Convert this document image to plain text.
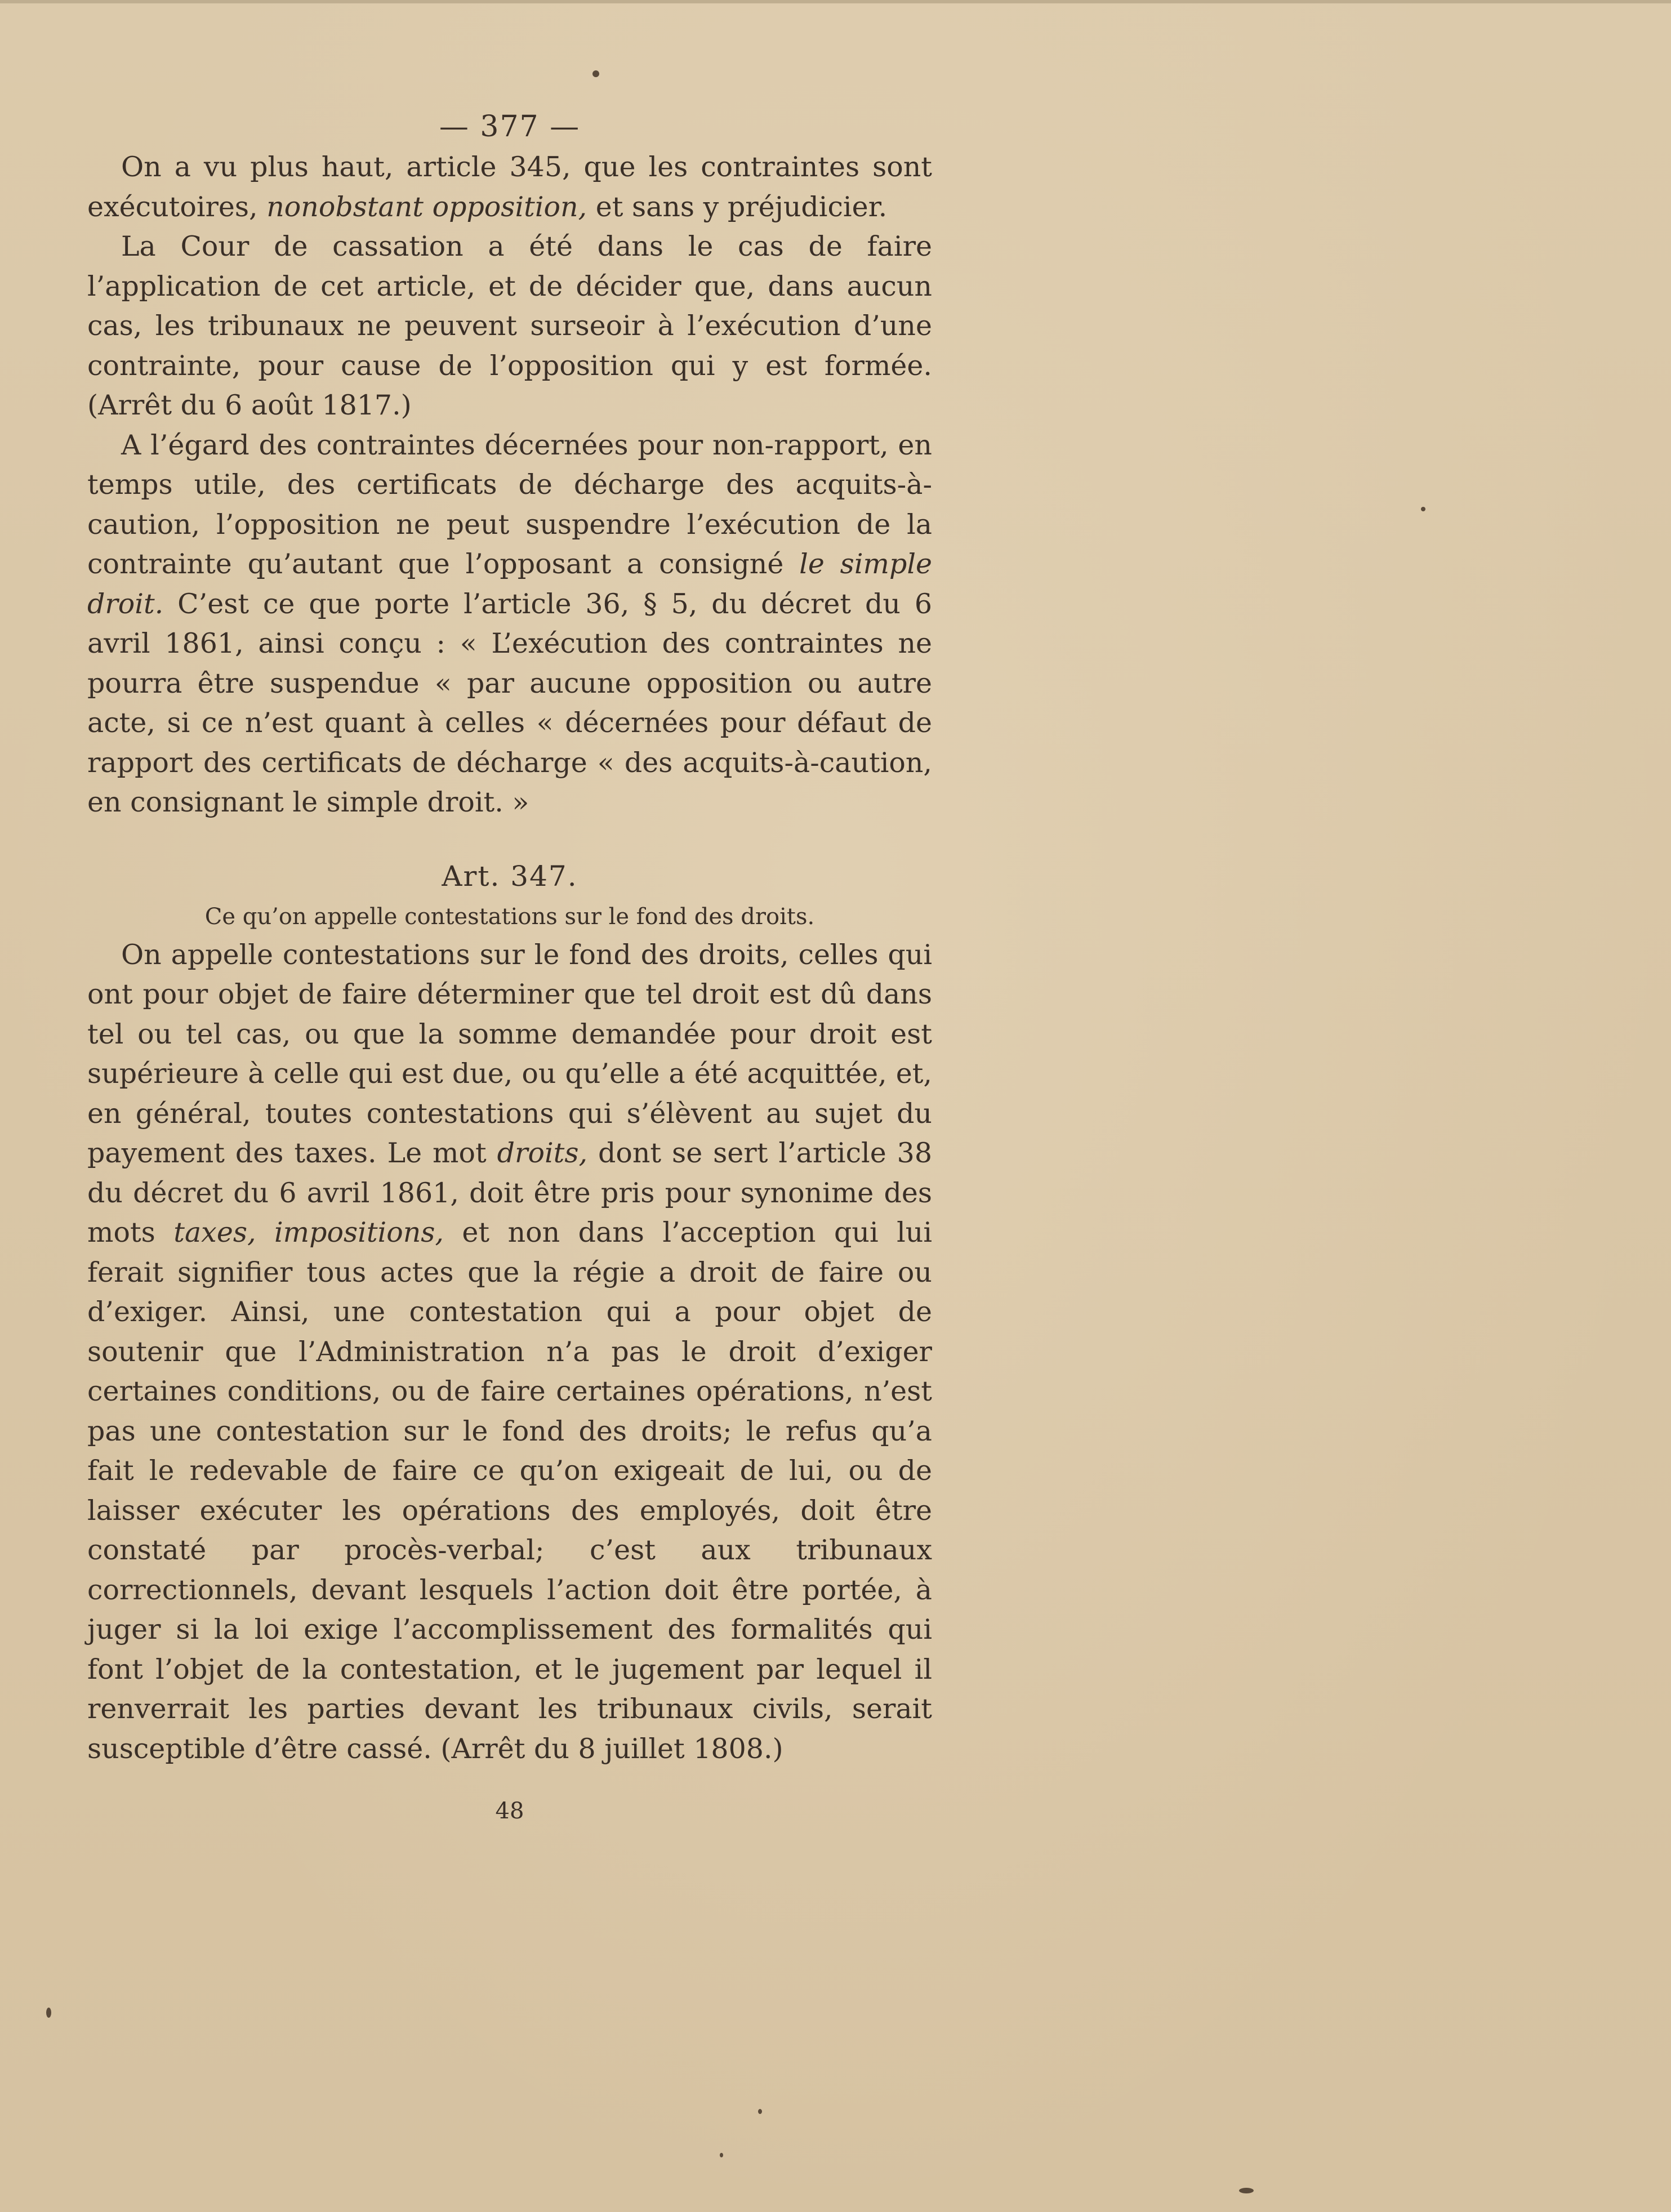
— 377 —

On a vu plus haut, article 345, que les contraintes sont exécutoires, nonobstant opposition, et sans y préjudicier.

La Cour de cassation a été dans le cas de faire l’application de cet article, et de décider que, dans aucun cas, les tribunaux ne peuvent surseoir à l’exécution d’une contrainte, pour cause de l’opposition qui y est formée. (Arrêt du 6 août 1817.)

A l’égard des contraintes décernées pour non-rapport, en temps utile, des certificats de décharge des acquits-à-caution, l’opposition ne peut suspendre l’exécution de la contrainte qu’autant que l’opposant a consigné le simple droit. C’est ce que porte l’article 36, § 5, du décret du 6 avril 1861, ainsi conçu : « L’exécution des contraintes ne pourra être suspendue « par aucune opposition ou autre acte, si ce n’est quant à celles « décernées pour défaut de rapport des certificats de décharge « des acquits-à-caution, en consignant le simple droit. »

Art. 347.
Ce qu’on appelle contestations sur le fond des droits.

On appelle contestations sur le fond des droits, celles qui ont pour objet de faire déterminer que tel droit est dû dans tel ou tel cas, ou que la somme demandée pour droit est supérieure à celle qui est due, ou qu’elle a été acquittée, et, en général, toutes contestations qui s’élèvent au sujet du payement des taxes. Le mot droits, dont se sert l’article 38 du décret du 6 avril 1861, doit être pris pour synonime des mots taxes, impositions, et non dans l’acception qui lui ferait signifier tous actes que la régie a droit de faire ou d’exiger. Ainsi, une contestation qui a pour objet de soutenir que l’Administration n’a pas le droit d’exiger certaines conditions, ou de faire certaines opérations, n’est pas une contestation sur le fond des droits; le refus qu’a fait le redevable de faire ce qu’on exigeait de lui, ou de laisser exécuter les opérations des employés, doit être constaté par procès-verbal; c’est aux tribunaux correctionnels, devant lesquels l’action doit être portée, à juger si la loi exige l’accomplissement des formalités qui font l’objet de la contestation, et le jugement par lequel il renverrait les parties devant les tribunaux civils, serait susceptible d’être cassé. (Arrêt du 8 juillet 1808.)

48
